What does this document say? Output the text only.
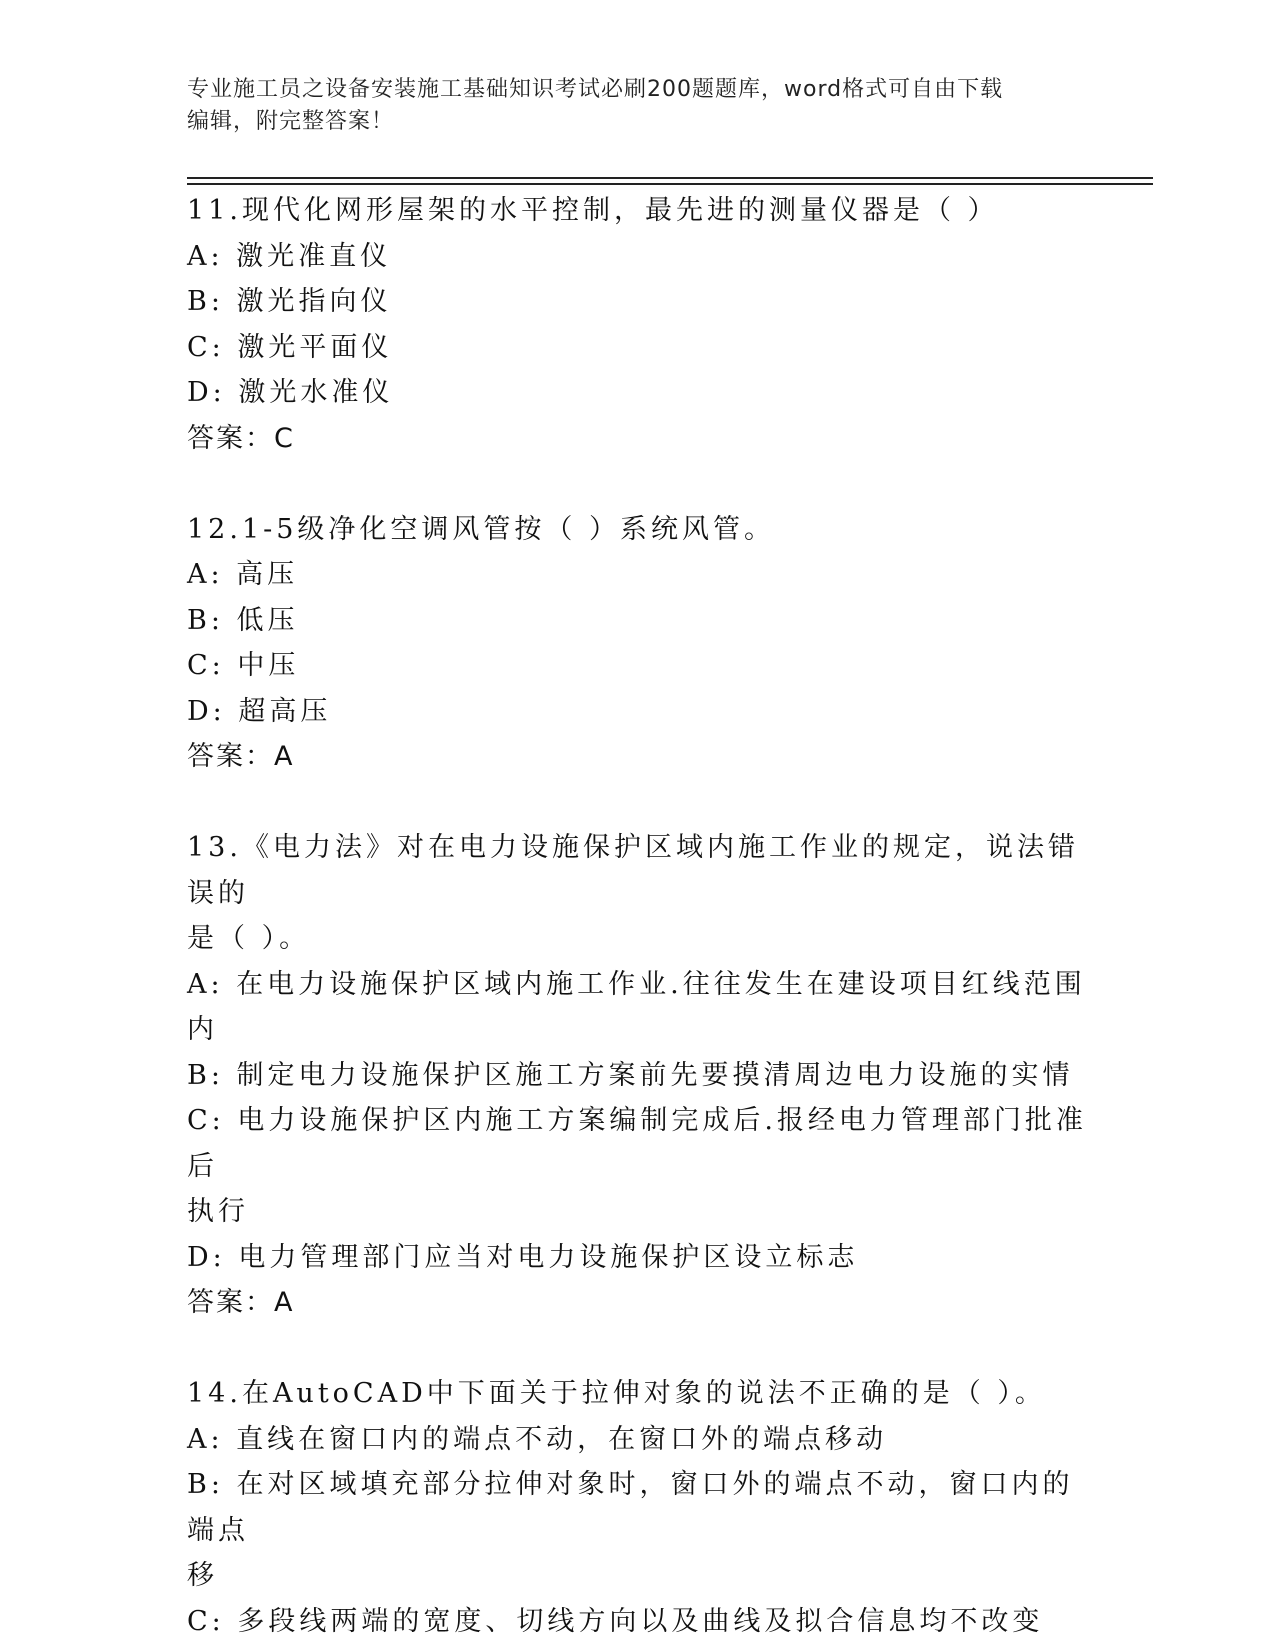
专业施工员之设备安装施工基础知识考试必刷200题题库，word格式可自由下载
编辑，附完整答案！
11.现代化网形屋架的水平控制，最先进的测量仪器是（ ）
A: 激光准直仪
B: 激光指向仪
C: 激光平面仪
D: 激光水准仪
答案：C
12.1-5级净化空调风管按（ ）系统风管。
A: 高压
B: 低压
C: 中压
D: 超高压
答案：A
13.《电力法》对在电力设施保护区域内施工作业的规定，说法错误的
是（ ）。
A: 在电力设施保护区域内施工作业.往往发生在建设项目红线范围内
B: 制定电力设施保护区施工方案前先要摸清周边电力设施的实情
C: 电力设施保护区内施工方案编制完成后.报经电力管理部门批准后
执行
D: 电力管理部门应当对电力设施保护区设立标志
答案：A
14.在AutoCAD中下面关于拉伸对象的说法不正确的是（ ）。
A: 直线在窗口内的端点不动，在窗口外的端点移动
B: 在对区域填充部分拉伸对象时，窗口外的端点不动，窗口内的端点
移
C: 多段线两端的宽度、切线方向以及曲线及拟合信息均不改变
